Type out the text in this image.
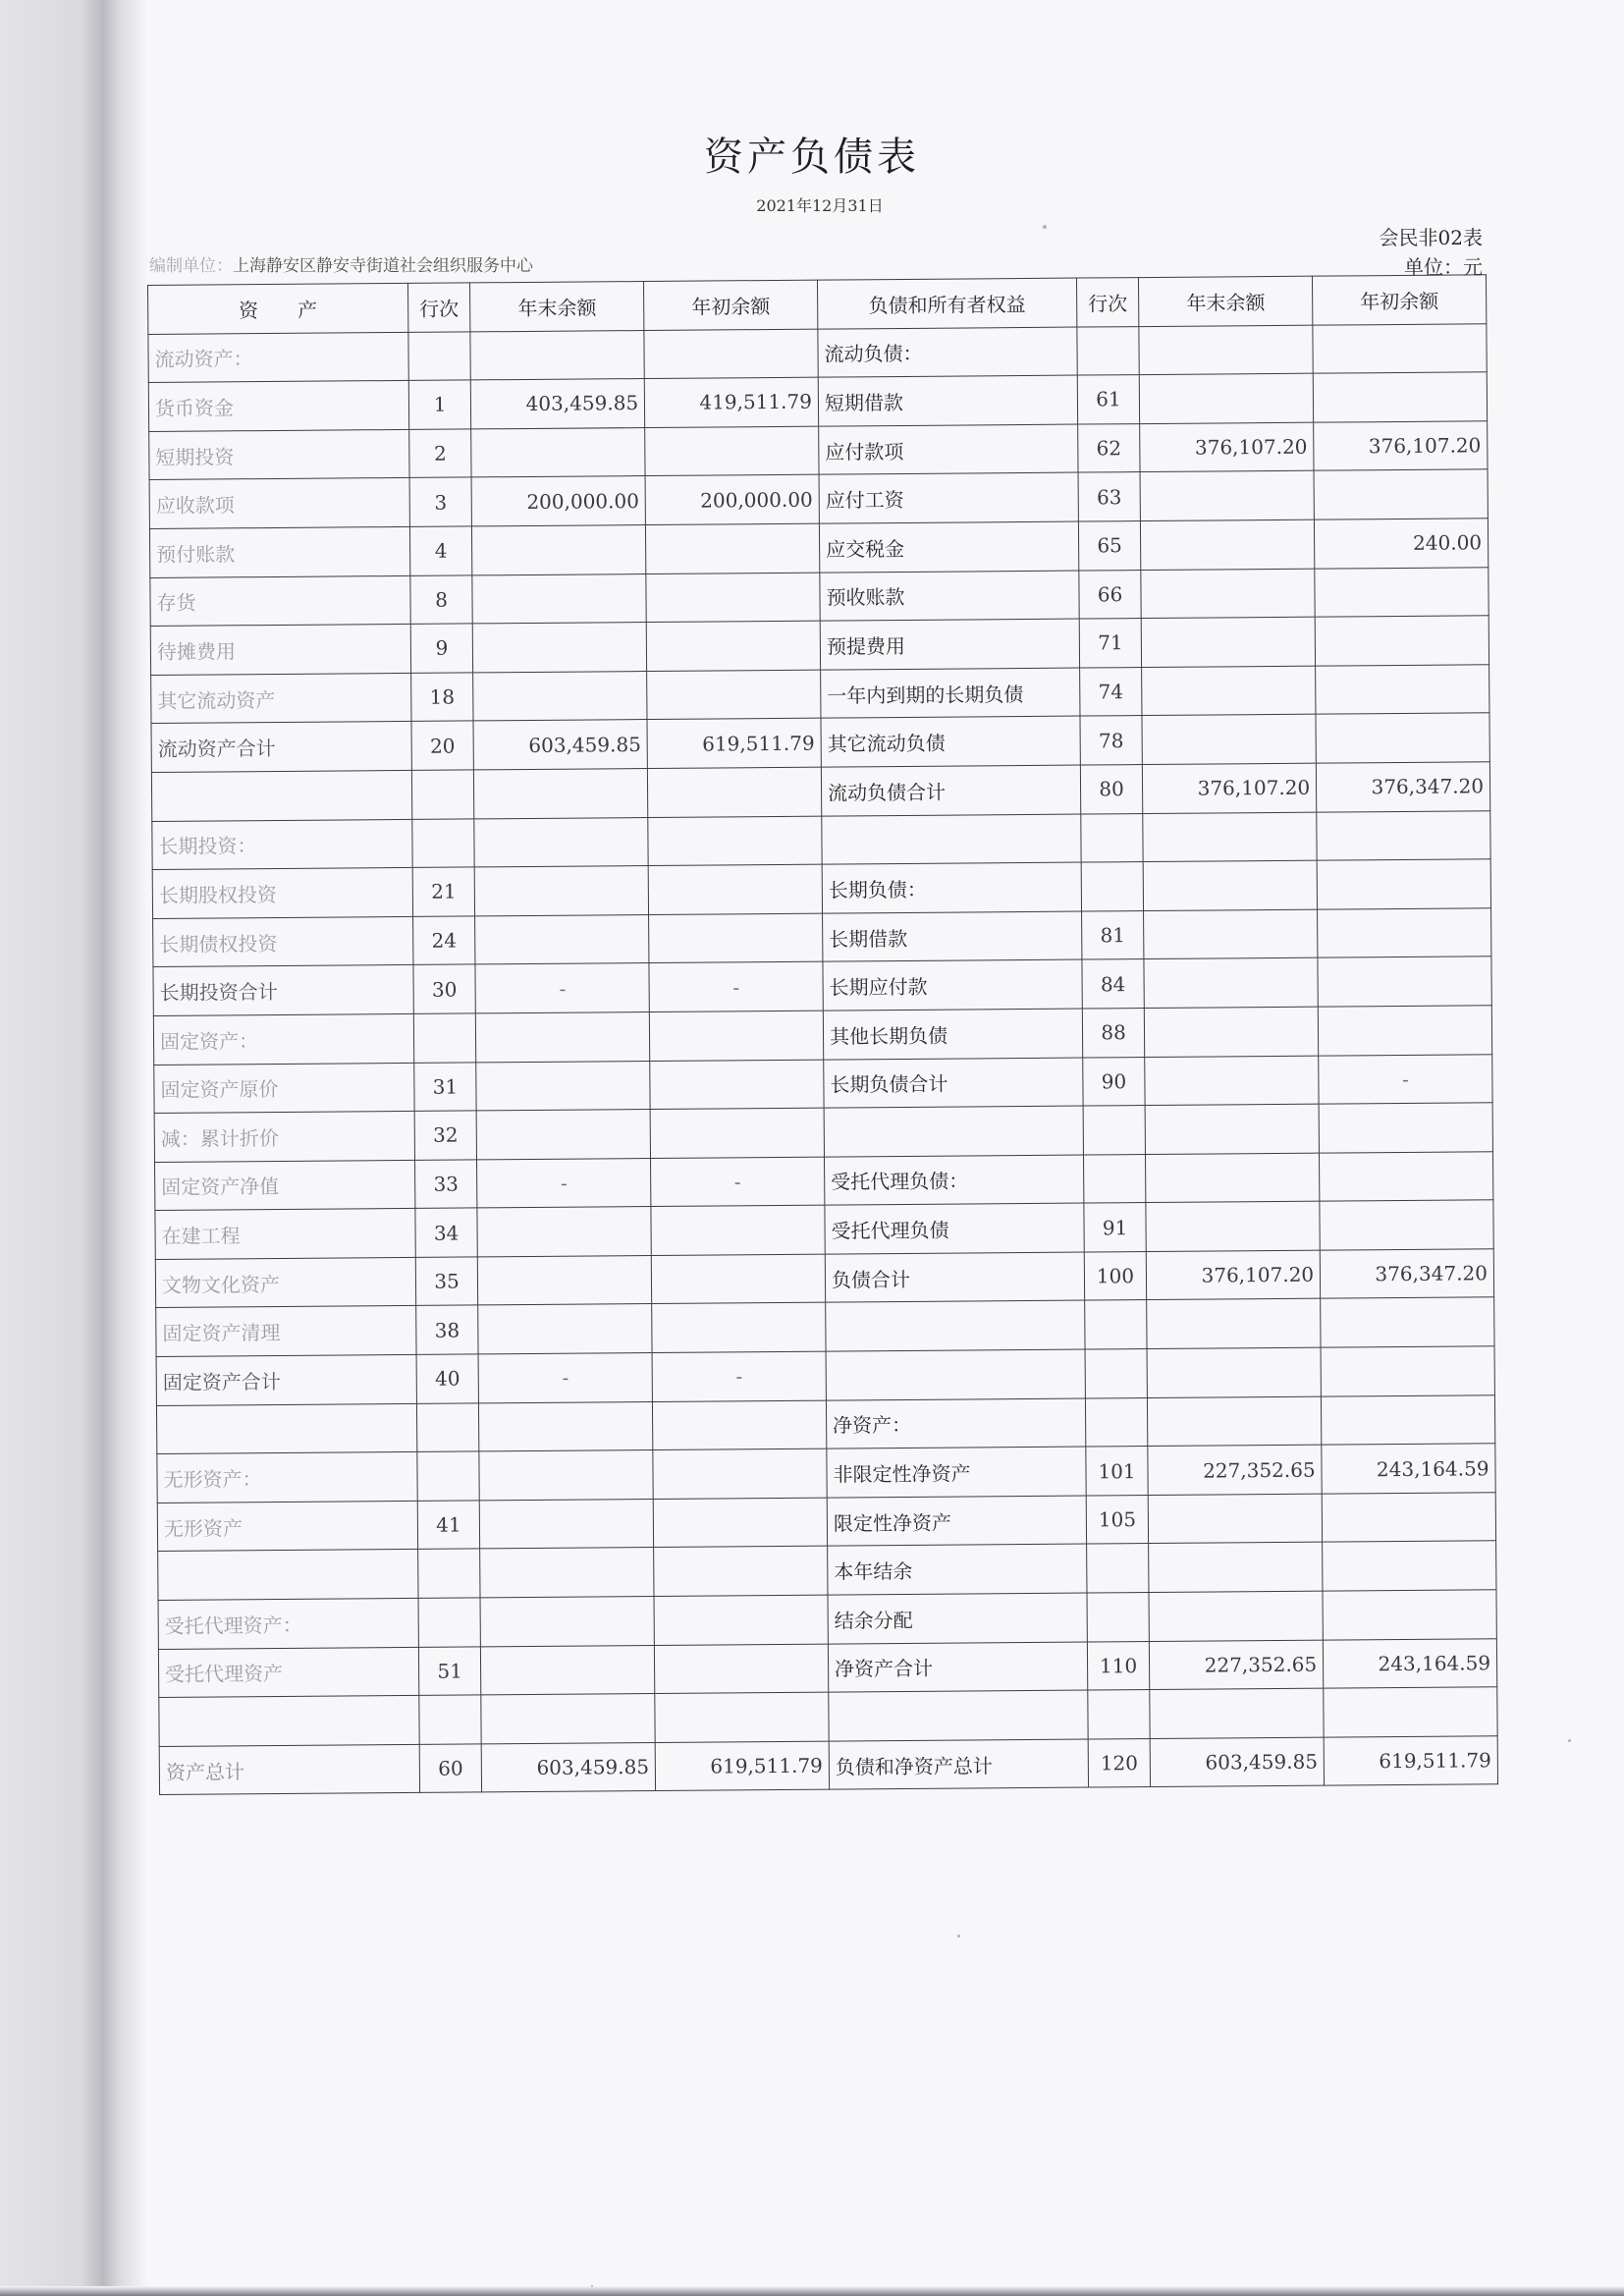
资产负债表
2021年12月31日
会民非02表
单位：元
编制单位：上海静安区静安寺街道社会组织服务中心
资　　产	行次	年末余额	年初余额	负债和所有者权益	行次	年末余额	年初余额
流动资产：				流动负债：			
货币资金	1	403,459.85	419,511.79	短期借款	61		
短期投资	2			应付款项	62	376,107.20	376,107.20
应收款项	3	200,000.00	200,000.00	应付工资	63		
预付账款	4			应交税金	65		240.00
存货	8			预收账款	66		
待摊费用	9			预提费用	71		
其它流动资产	18			一年内到期的长期负债	74		
流动资产合计	20	603,459.85	619,511.79	其它流动负债	78		
				流动负债合计	80	376,107.20	376,347.20
长期投资：							
长期股权投资	21			长期负债：			
长期债权投资	24			长期借款	81		
长期投资合计	30	-	-	长期应付款	84		
固定资产：				其他长期负债	88		
固定资产原价	31			长期负债合计	90		-
减：累计折价	32						
固定资产净值	33	-	-	受托代理负债：			
在建工程	34			受托代理负债	91		
文物文化资产	35			负债合计	100	376,107.20	376,347.20
固定资产清理	38						
固定资产合计	40	-	-				
				净资产：			
无形资产：				非限定性净资产	101	227,352.65	243,164.59
无形资产	41			限定性净资产	105		
				本年结余			
受托代理资产：				结余分配			
受托代理资产	51			净资产合计	110	227,352.65	243,164.59

资产总计	60	603,459.85	619,511.79	负债和净资产总计	120	603,459.85	619,511.79
